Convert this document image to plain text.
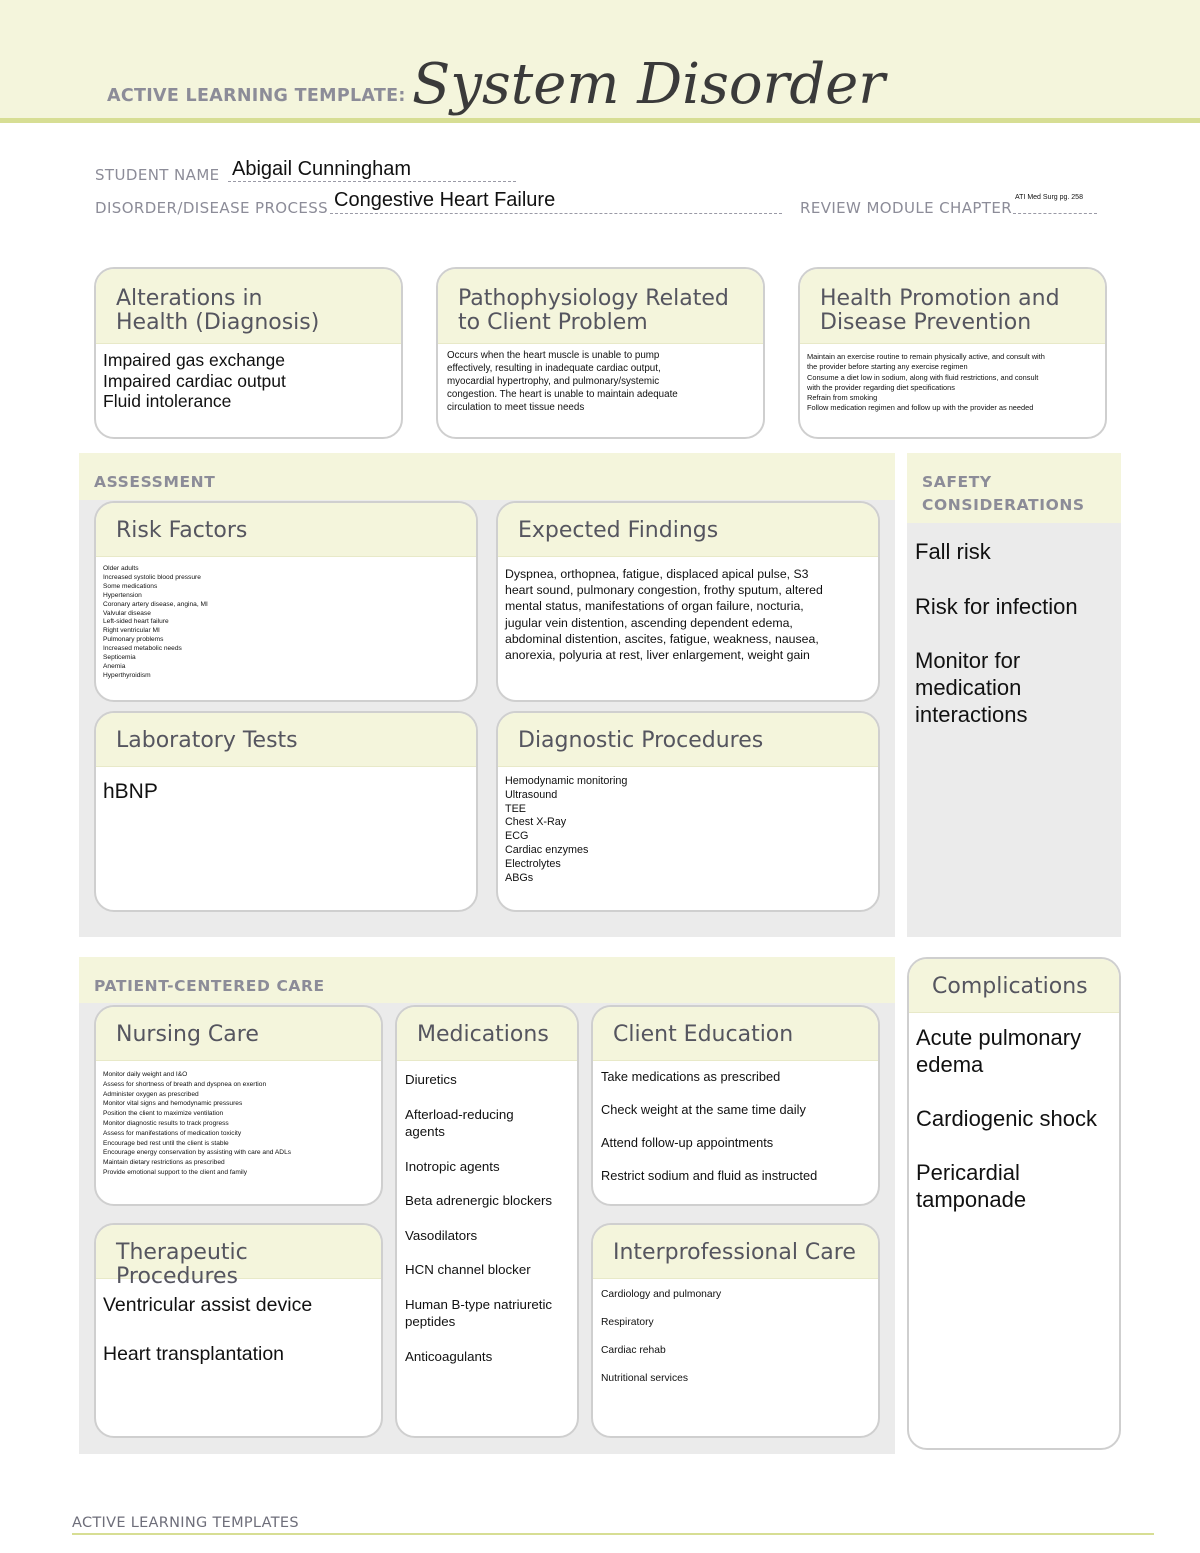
ACTIVE LEARNING TEMPLATE: System Disorder
STUDENT NAME Abigail Cunningham
DISORDER/DISEASE PROCESS Congestive Heart Failure	REVIEW MODULE CHAPTER
ATI Med Surg pg. 258
Alterations in
Health (Diagnosis)
Impaired gas exchange
Impaired cardiac output
Fluid intolerance
Pathophysiology Related
to Client Problem
Occurs when the heart muscle is unable to pump
effectively, resulting in inadequate cardiac output,
myocardial hypertrophy, and pulmonary/systemic
congestion. The heart is unable to maintain adequate
circulation to meet tissue needs
Health Promotion and
Disease Prevention
Maintain an exercise routine to remain physically active, and consult with
the provider before starting any exercise regimen
Consume a diet low in sodium, along with fluid restrictions, and consult
with the provider regarding diet specifications
Refrain from smoking
Follow medication regimen and follow up with the provider as needed
ASSESSMENT
Risk Factors
Older adults
Increased systolic blood pressure
Some medications
Hypertension
Coronary artery disease, angina, MI
Valvular disease
Left-sided heart failure
Right ventricular MI
Pulmonary problems
Increased metabolic needs
Septicemia
Anemia
Hyperthyroidism
Expected Findings
Dyspnea, orthopnea, fatigue, displaced apical pulse, S3
heart sound, pulmonary congestion, frothy sputum, altered
mental status, manifestations of organ failure, nocturia,
jugular vein distention, ascending dependent edema,
abdominal distention, ascites, fatigue, weakness, nausea,
anorexia, polyuria at rest, liver enlargement, weight gain
Laboratory Tests
hBNP
Diagnostic Procedures
Hemodynamic monitoring
Ultrasound
TEE
Chest X-Ray
ECG
Cardiac enzymes
Electrolytes
ABGs
SAFETY
CONSIDERATIONS
Fall risk
Risk for infection
Monitor for medication interactions
PATIENT-CENTERED CARE
Nursing Care
Monitor daily weight and I&O
Assess for shortness of breath and dyspnea on exertion
Administer oxygen as prescribed
Monitor vital signs and hemodynamic pressures
Position the client to maximize ventilation
Monitor diagnostic results to track progress
Assess for manifestations of medication toxicity
Encourage bed rest until the client is stable
Encourage energy conservation by assisting with care and ADLs
Maintain dietary restrictions as prescribed
Provide emotional support to the client and family
Medications
Diuretics
Afterload-reducing agents
Inotropic agents
Beta adrenergic blockers
Vasodilators
HCN channel blocker
Human B-type natriuretic peptides
Anticoagulants
Client Education
Take medications as prescribed
Check weight at the same time daily
Attend follow-up appointments
Restrict sodium and fluid as instructed
Therapeutic Procedures
Ventricular assist device
Heart transplantation
Interprofessional Care
Cardiology and pulmonary
Respiratory
Cardiac rehab
Nutritional services
Complications
Acute pulmonary edema
Cardiogenic shock
Pericardial tamponade
ACTIVE LEARNING TEMPLATES
